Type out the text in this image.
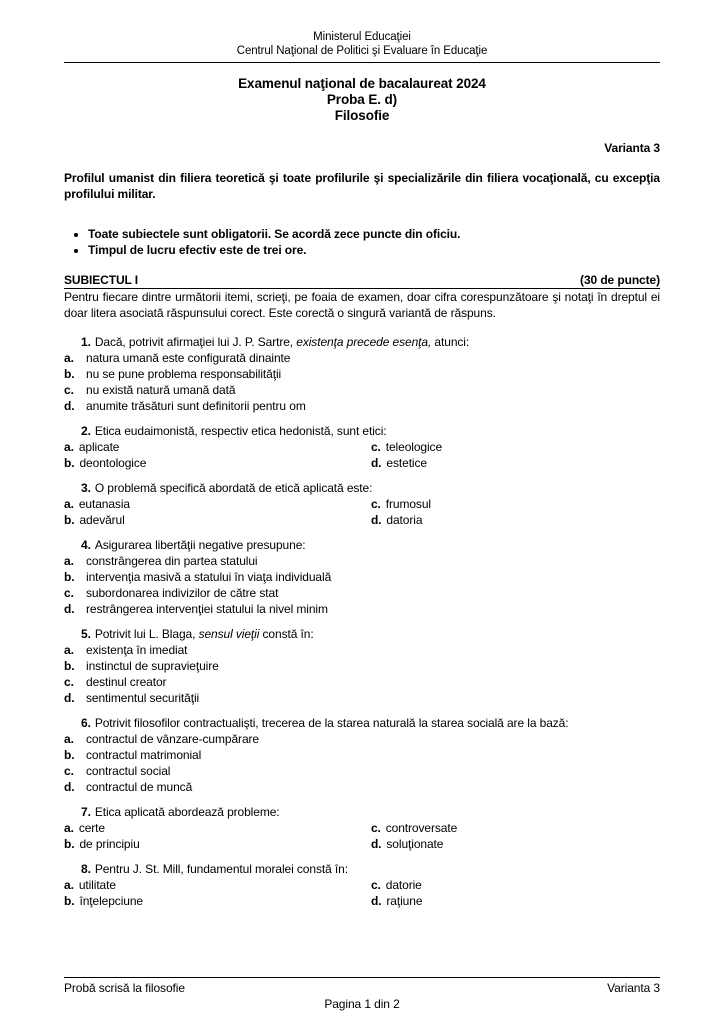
Ministerul Educaţiei
Centrul Naţional de Politici şi Evaluare în Educaţie
Examenul naţional de bacalaureat 2024
Proba E. d)
Filosofie
Varianta 3

Profilul umanist din filiera teoretică şi toate profilurile şi specializările din filiera vocaţională, cu excepţia profilului militar.

• Toate subiectele sunt obligatorii. Se acordă zece puncte din oficiu.
• Timpul de lucru efectiv este de trei ore.
SUBIECTUL I	(30 de puncte)

Pentru fiecare dintre următorii itemi, scrieţi, pe foaia de examen, doar cifra corespunzătoare şi notaţi în dreptul ei doar litera asociată răspunsului corect. Este corectă o singură variantă de răspuns.

1. Dacă, potrivit afirmaţiei lui J. P. Sartre, existenţa precede esenţa, atunci:
a. natura umană este configurată dinainte
b. nu se pune problema responsabilităţii
c. nu există natură umană dată
d. anumite trăsături sunt definitorii pentru om
2. Etica eudaimonistă, respectiv etica hedonistă, sunt etici:
a. aplicate
b. deontologice
c. teleologice
d. estetice
3. O problemă specifică abordată de etică aplicată este:
a. eutanasia
b. adevărul
c. frumosul
d. datoria
4. Asigurarea libertăţii negative presupune:
a. constrângerea din partea statului
b. intervenţia masivă a statului în viaţa individuală
c. subordonarea indivizilor de către stat
d. restrângerea intervenţiei statului la nivel minim
5. Potrivit lui L. Blaga, sensul vieţii constă în:
a. existenţa în imediat
b. instinctul de supravieţuire
c. destinul creator
d. sentimentul securităţii
6. Potrivit filosofilor contractualişti, trecerea de la starea naturală la starea socială are la bază:
a. contractul de vânzare-cumpărare
b. contractul matrimonial
c. contractul social
d. contractul de muncă
7. Etica aplicată abordează probleme:
a. certe
b. de principiu
c. controversate
d. soluţionate
8. Pentru J. St. Mill, fundamentul moralei constă în:
a. utilitate
b. înţelepciune
c. datorie
d. raţiune
Probă scrisă la filosofie	Varianta 3
Pagina 1 din 2
